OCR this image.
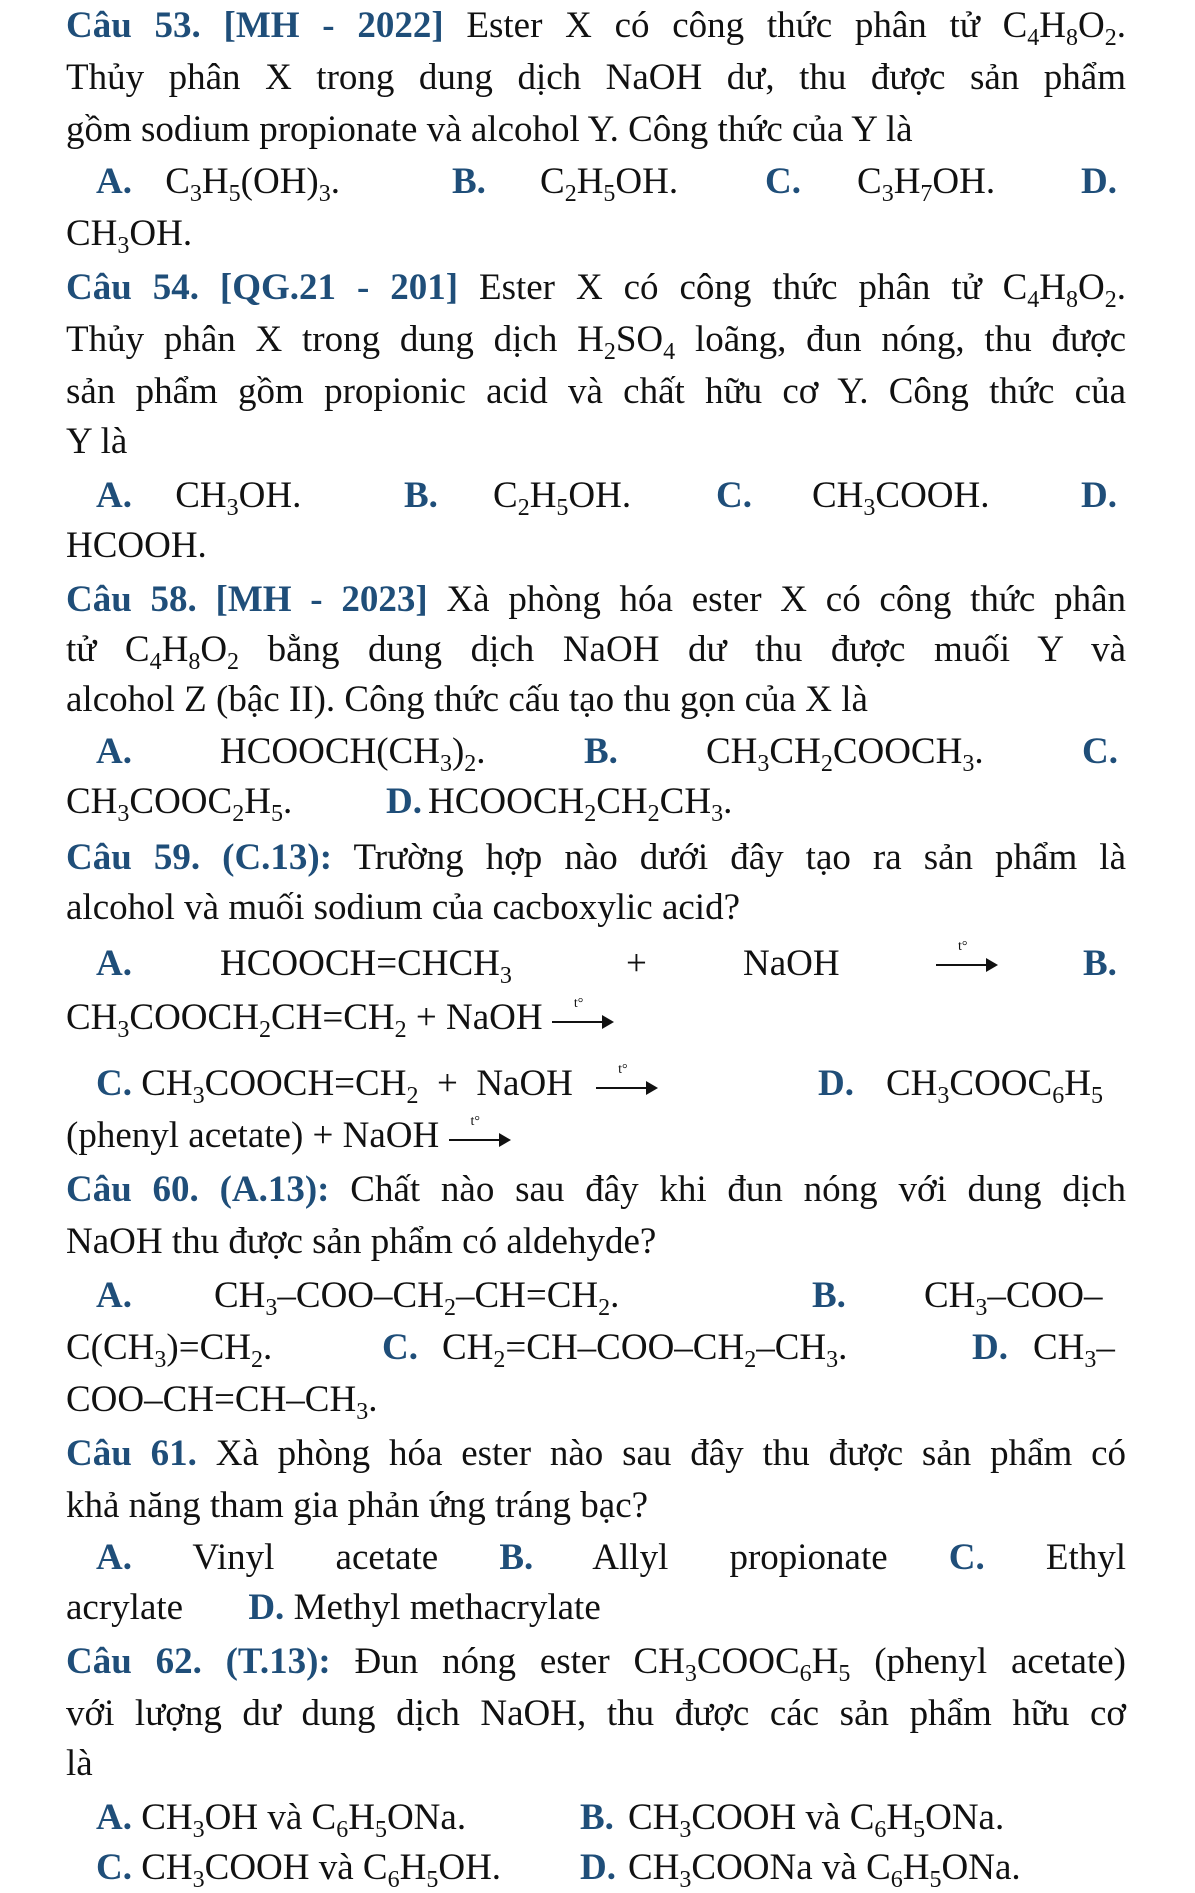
Câu 53. [MH - 2022] Ester X có công thức phân tử $C_4H_8O_2$.
Thủy phân X trong dung dịch NaOH dư, thu được sản phẩm
gồm sodium propionate và alcohol Y. Công thức của Y là
A. $C_3H_5(OH)_3$.	B. $C_2H_5OH$. C. $C_3H_7OH$. D.
$CH_3OH$.
Câu 54. [QG.21 - 201] Ester X có công thức phân tử $C_4H_8O_2$.
Thủy phân X trong dung dịch $H_2SO_4$ loãng, đun nóng, thu được
sản phẩm gồm propionic acid và chất hữu cơ Y. Công thức của
Y là
A. $CH_3OH$.	B. $C_2H_5OH$. C. $CH_3COOH$. D.
HCOOH.
Câu 58. [MH - 2023] Xà phòng hóa ester X có công thức phân
tử $C_4H_8O_2$ bằng dung dịch NaOH dư thu được muối Y và
alcohol Z (bậc II). Công thức cấu tạo thu gọn của X là
A. $HCOOCH(CH_3)_2$.	B. $CH_3CH_2COOCH_3$.	C.
$CH_3COOC_2H_5$.	D. $HCOOCH_2CH_2CH_3$.
Câu 59. (C.13): Trường hợp nào dưới đây tạo ra sản phẩm là
alcohol và muối sodium của cacboxylic acid?
A. $HCOOCH=CHCH_3$	+	NaOH	t°	B.
$CH_3COOCH_2CH=CH_2$ + NaOH t°
C. $CH_3COOCH=CH_2$  +  NaOH	t°	D. $CH_3COOC_6H_5$
(phenyl acetate) + NaOH t°
Câu 60. (A.13): Chất nào sau đây khi đun nóng với dung dịch
NaOH thu được sản phẩm có aldehyde?
A. $CH_3-COO-CH_2-CH=CH_2$.	B. $CH_3-COO-$
$C(CH_3)=CH_2$.	C. $CH_2=CH-COO-CH_2-CH_3$.	D. $CH_3-$
COO–$CH=CH-CH_3$.
Câu 61. Xà phòng hóa ester nào sau đây thu được sản phẩm có
khả năng tham gia phản ứng tráng bạc?
A. Vinyl acetate B. Allyl propionate C. Ethyl
acrylate D. Methyl methacrylate
Câu 62. (T.13): Đun nóng ester $CH_3COOC_6H_5$ (phenyl acetate)
với lượng dư dung dịch NaOH, thu được các sản phẩm hữu cơ
là
A. $CH_3OH$ và $C_6H_5ONa$.	B. $CH_3COOH$ và $C_6H_5ONa$.
C. $CH_3COOH$ và $C_6H_5OH$. D. $CH_3COONa$ và $C_6H_5ONa$.
